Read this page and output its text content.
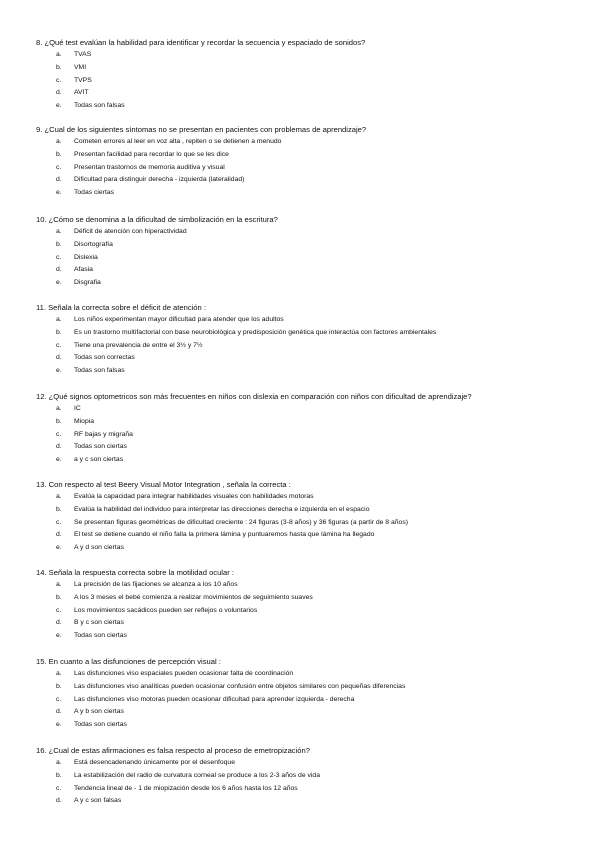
8. ¿Qué test evalúan la habilidad para identificar y recordar la secuencia y espaciado de sonidos?
a. TVAS
b. VMI
c. TVPS
d. AVIT
e. Todas son falsas
9. ¿Cual de los siguientes síntomas no se presentan en pacientes con problemas de aprendizaje?
a. Cometen errores al leer en voz alta , repiten o se detienen a menudo
b. Presentan facilidad para recordar lo que se les dice
c. Presentan trastornos de memoria auditiva y visual
d. Dificultad para distinguir derecha - izquierda (lateralidad)
e. Todas ciertas
10. ¿Cómo se denomina a la dificultad de simbolización en la escritura?
a. Déficit de atención con hiperactividad
b. Disortografía
c. Dislexia
d. Afasia
e. Disgrafia
11. Señala la correcta sobre el déficit de atención :
a. Los niños experimentan mayor dificultad para atender que los adultos
b. Es un trastorno multifactorial con base neurobiológica y predisposición genética que interactúa con factores ambientales
c. Tiene una prevalencia de entre el 3½ y 7½
d. Todas son correctas
e. Todas son falsas
12. ¿Qué signos optometricos son más frecuentes en niños con dislexia en comparación con niños con dificultad de aprendizaje?
a. IC
b. Miopia
c. RF bajas y migraña
d. Todas son ciertas
e. a y c son ciertas
13. Con respecto al test Beery Visual Motor Integration , señala la correcta :
a. Evalúa la capacidad para integrar habilidades visuales con habilidades motoras
b. Evalúa la habilidad del individuo para interpretar las direcciones derecha e izquierda en el espacio
c. Se presentan figuras geométricas de dificultad creciente : 24 figuras (3-8 años) y 36 figuras (a partir de 8 años)
d. El test se detiene cuando el niño falla la primera lámina y puntuaremos hasta que lámina ha llegado
e. A y d son ciertas
14. Señala la respuesta correcta sobre la motilidad ocular :
a. La precisión de las fijaciones se alcanza a los 10 años
b. A los 3 meses el bebé comienza a realizar movimientos de seguimiento suaves
c. Los movimientos sacádicos pueden ser reflejos o voluntarios
d. B y c son ciertas
e. Todas son ciertas
15. En cuanto a las disfunciones de percepción visual :
a. Las disfunciones viso espaciales pueden ocasionar falta de coordinación
b. Las disfunciones viso analíticas pueden ocasionar confusión entre objetos similares con pequeñas diferencias
c. Las disfunciones viso motoras pueden ocasionar dificultad para aprender izquierda - derecha
d. A y b son ciertas
e. Todas son ciertas
16. ¿Cual de estas afirmaciones es falsa respecto al proceso de emetropización?
a. Está desencadenando únicamente por el desenfoque
b. La estabilización del radio de curvatura corneal se produce a los 2-3 años de vida
c. Tendencia lineal de - 1 de miopización desde los 6 años hasta los 12 años
d. A y c son falsas
